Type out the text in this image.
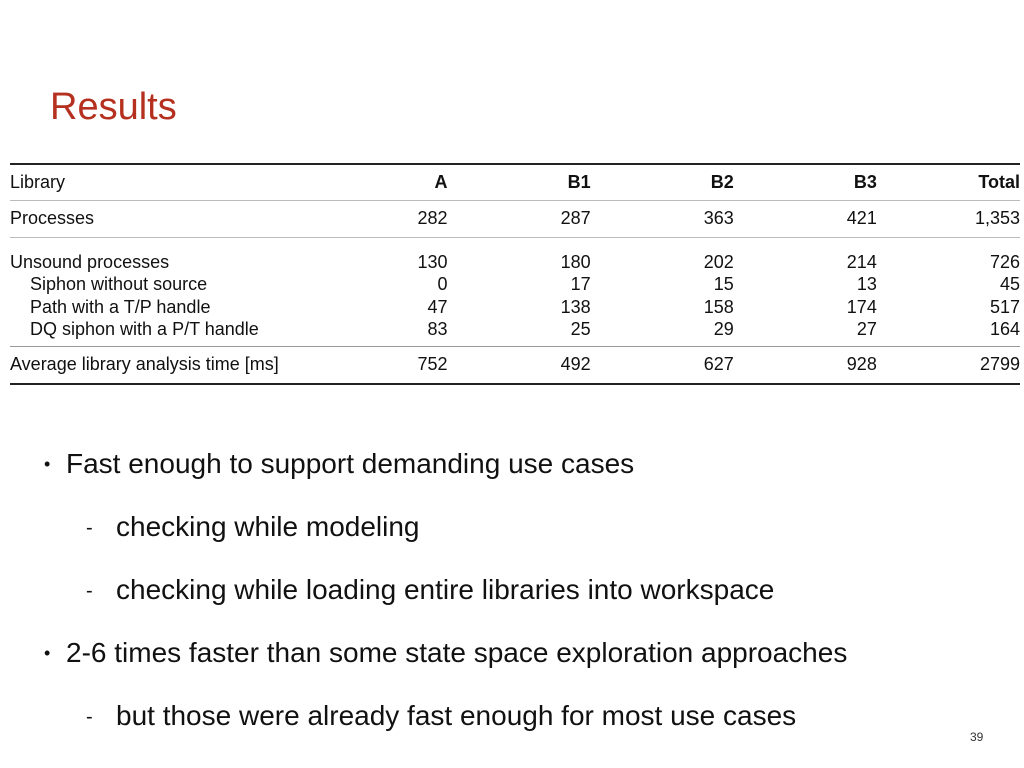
Results
Library	A	B1	B2	B3	Total
Processes	282	287	363	421	1,353
Unsound processes	130	180	202	214	726
Siphon without source	0	17	15	13	45
Path with a T/P handle	47	138	158	174	517
DQ siphon with a P/T handle	83	25	29	27	164
Average library analysis time [ms]	752	492	627	928	2799
• Fast enough to support demanding use cases
- checking while modeling
- checking while loading entire libraries into workspace
• 2-6 times faster than some state space exploration approaches
- but those were already fast enough for most use cases
39
